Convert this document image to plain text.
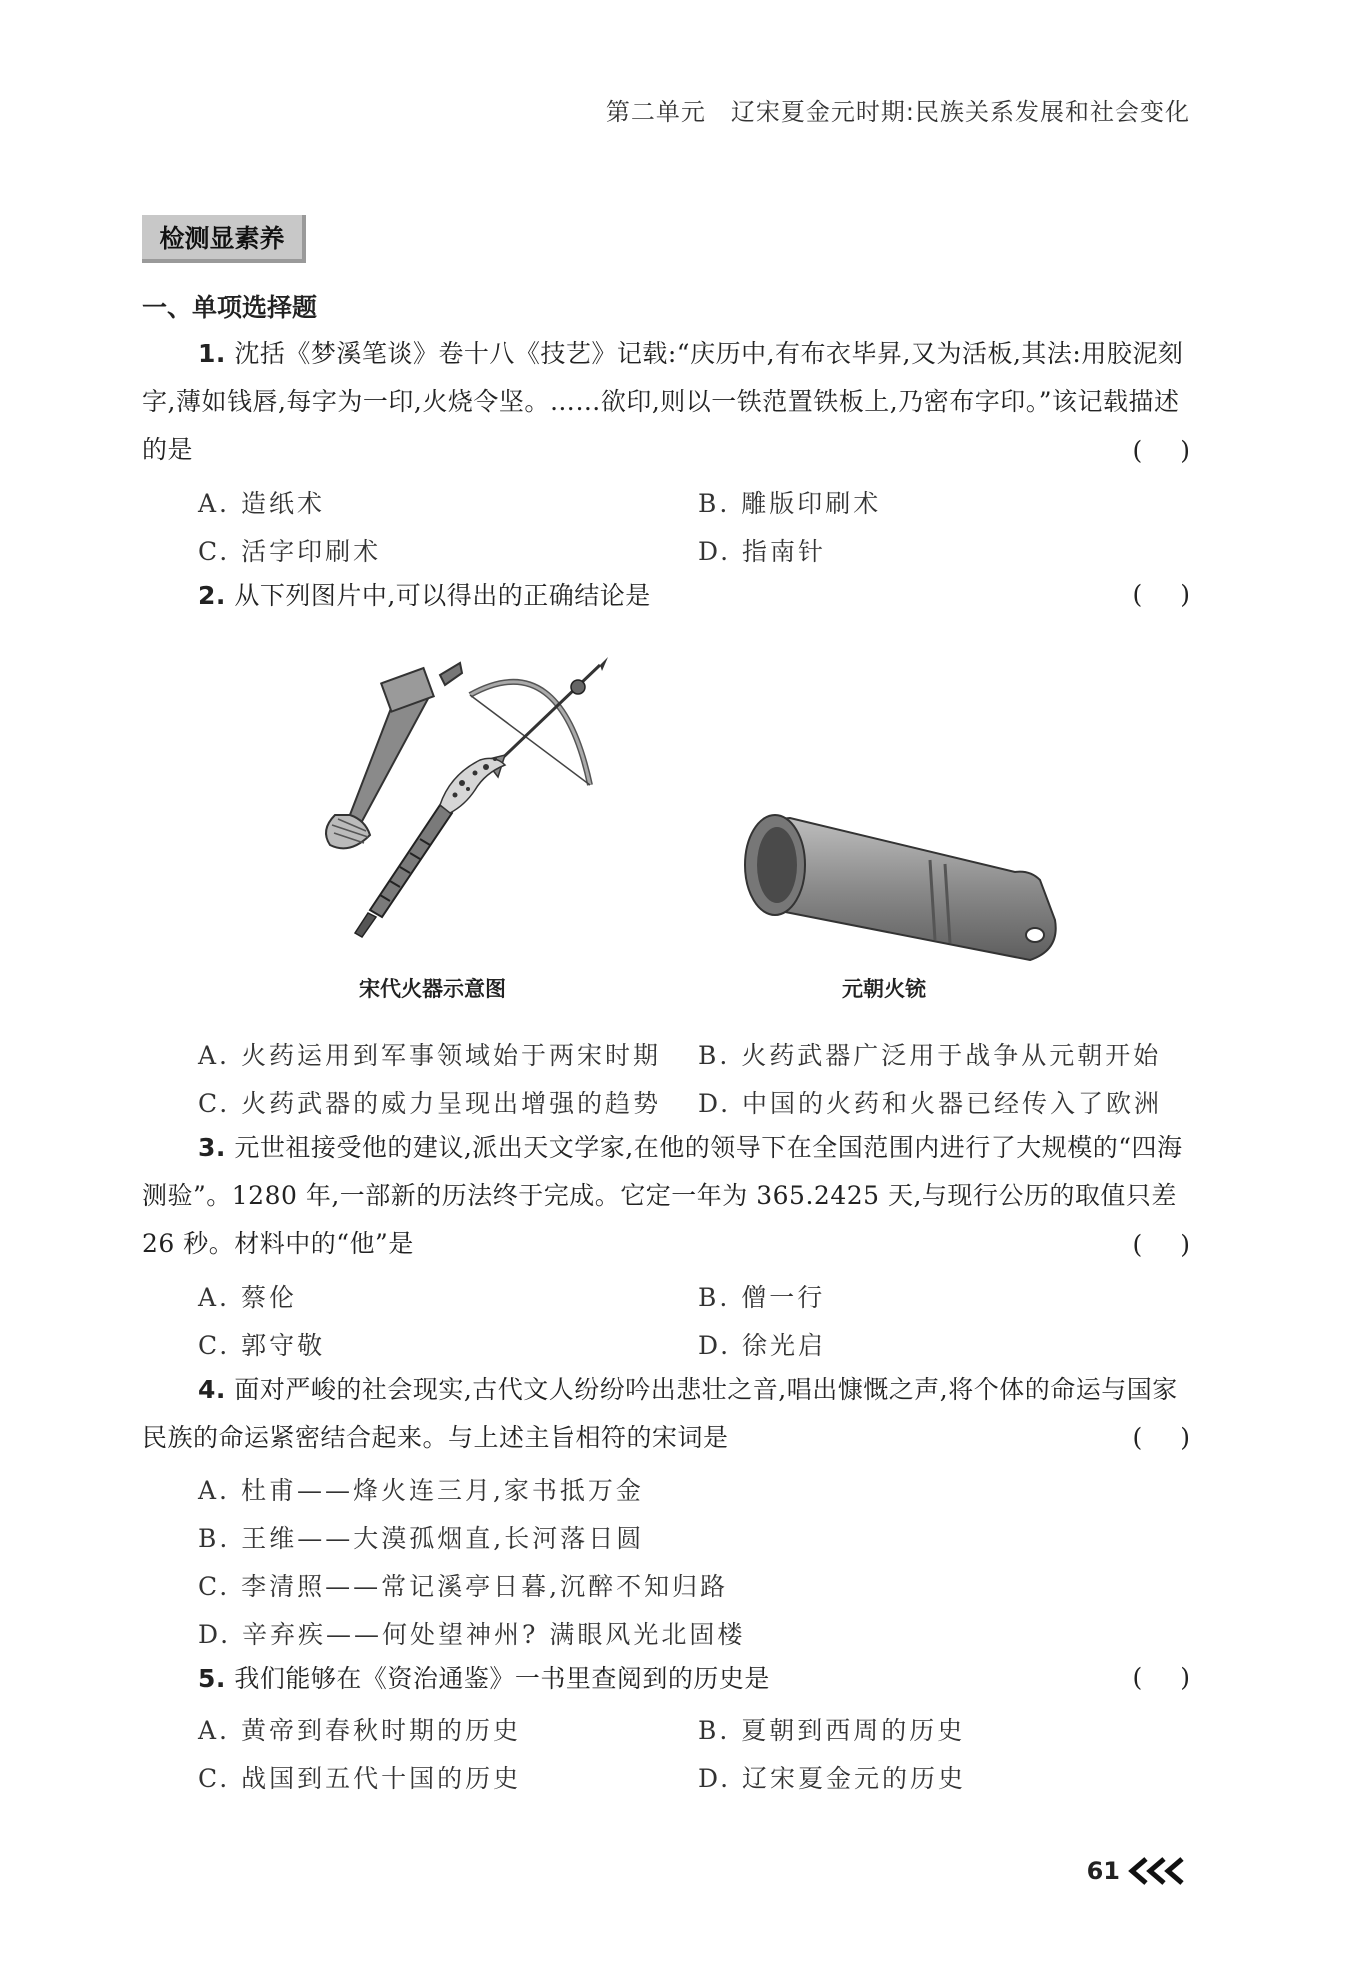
第二单元　辽宋夏金元时期:民族关系发展和社会变化
检测显素养
一、单项选择题
1. 沈括《梦溪笔谈》卷十八《技艺》记载:“庆历中,有布衣毕昇,又为活板,其法:用胶泥刻字,薄如钱唇,每字为一印,火烧令坚。……欲印,则以一铁范置铁板上,乃密布字印。”该记载描述的是	( )
A. 造纸术	B. 雕版印刷术
C. 活字印刷术	D. 指南针
2. 从下列图片中,可以得出的正确结论是	( )
宋代火器示意图	元朝火铳
A. 火药运用到军事领域始于两宋时期 B. 火药武器广泛用于战争从元朝开始
C. 火药武器的威力呈现出增强的趋势 D. 中国的火药和火器已经传入了欧洲
3. 元世祖接受他的建议,派出天文学家,在他的领导下在全国范围内进行了大规模的“四海测验”。1280 年,一部新的历法终于完成。它定一年为 365.2425 天,与现行公历的取值只差 26 秒。材料中的“他”是	( )
A. 蔡伦	B. 僧一行
C. 郭守敬	D. 徐光启
4. 面对严峻的社会现实,古代文人纷纷吟出悲壮之音,唱出慷慨之声,将个体的命运与国家民族的命运紧密结合起来。与上述主旨相符的宋词是	( )
A. 杜甫——烽火连三月,家书抵万金
B. 王维——大漠孤烟直,长河落日圆
C. 李清照——常记溪亭日暮,沉醉不知归路
D. 辛弃疾——何处望神州? 满眼风光北固楼
5. 我们能够在《资治通鉴》一书里查阅到的历史是	( )
A. 黄帝到春秋时期的历史	B. 夏朝到西周的历史
C. 战国到五代十国的历史	D. 辽宋夏金元的历史
61
